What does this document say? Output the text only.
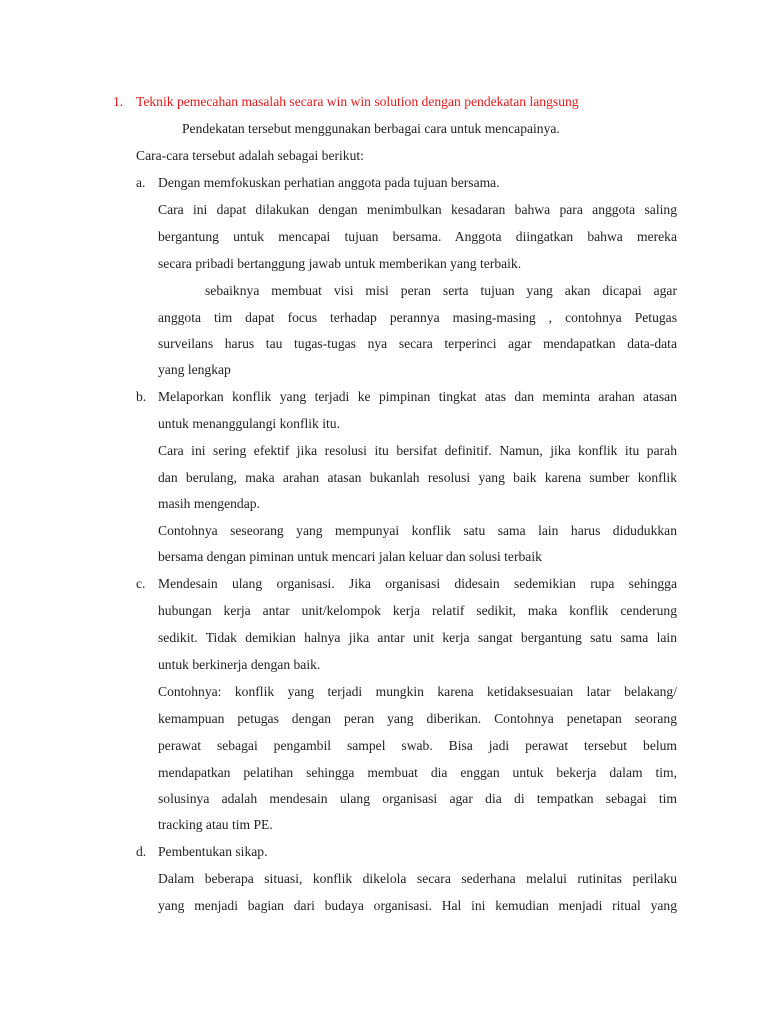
1. Teknik pemecahan masalah secara win win solution dengan pendekatan langsung
Pendekatan tersebut menggunakan berbagai cara untuk mencapainya.
Cara-cara tersebut adalah sebagai berikut:
a. Dengan memfokuskan perhatian anggota pada tujuan bersama.
Cara ini dapat dilakukan dengan menimbulkan kesadaran bahwa para anggota saling
bergantung untuk mencapai tujuan bersama. Anggota diingatkan bahwa mereka
secara pribadi bertanggung jawab untuk memberikan yang terbaik.
sebaiknya membuat visi misi peran serta tujuan yang akan dicapai agar
anggota tim dapat focus terhadap perannya masing-masing , contohnya Petugas
surveilans harus tau tugas-tugas nya secara terperinci agar mendapatkan data-data
yang lengkap
b. Melaporkan konflik yang terjadi ke pimpinan tingkat atas dan meminta arahan atasan
untuk menanggulangi konflik itu.
Cara ini sering efektif jika resolusi itu bersifat definitif. Namun, jika konflik itu parah
dan berulang, maka arahan atasan bukanlah resolusi yang baik karena sumber konflik
masih mengendap.
Contohnya seseorang yang mempunyai konflik satu sama lain harus didudukkan
bersama dengan piminan untuk mencari jalan keluar dan solusi terbaik
c. Mendesain ulang organisasi. Jika organisasi didesain sedemikian rupa sehingga
hubungan kerja antar unit/kelompok kerja relatif sedikit, maka konflik cenderung
sedikit. Tidak demikian halnya jika antar unit kerja sangat bergantung satu sama lain
untuk berkinerja dengan baik.
Contohnya: konflik yang terjadi mungkin karena ketidaksesuaian latar belakang/
kemampuan petugas dengan peran yang diberikan. Contohnya penetapan seorang
perawat sebagai pengambil sampel swab. Bisa jadi perawat tersebut belum
mendapatkan pelatihan sehingga membuat dia enggan untuk bekerja dalam tim,
solusinya adalah mendesain ulang organisasi agar dia di tempatkan sebagai tim
tracking atau tim PE.
d. Pembentukan sikap.
Dalam beberapa situasi, konflik dikelola secara sederhana melalui rutinitas perilaku
yang menjadi bagian dari budaya organisasi. Hal ini kemudian menjadi ritual yang
